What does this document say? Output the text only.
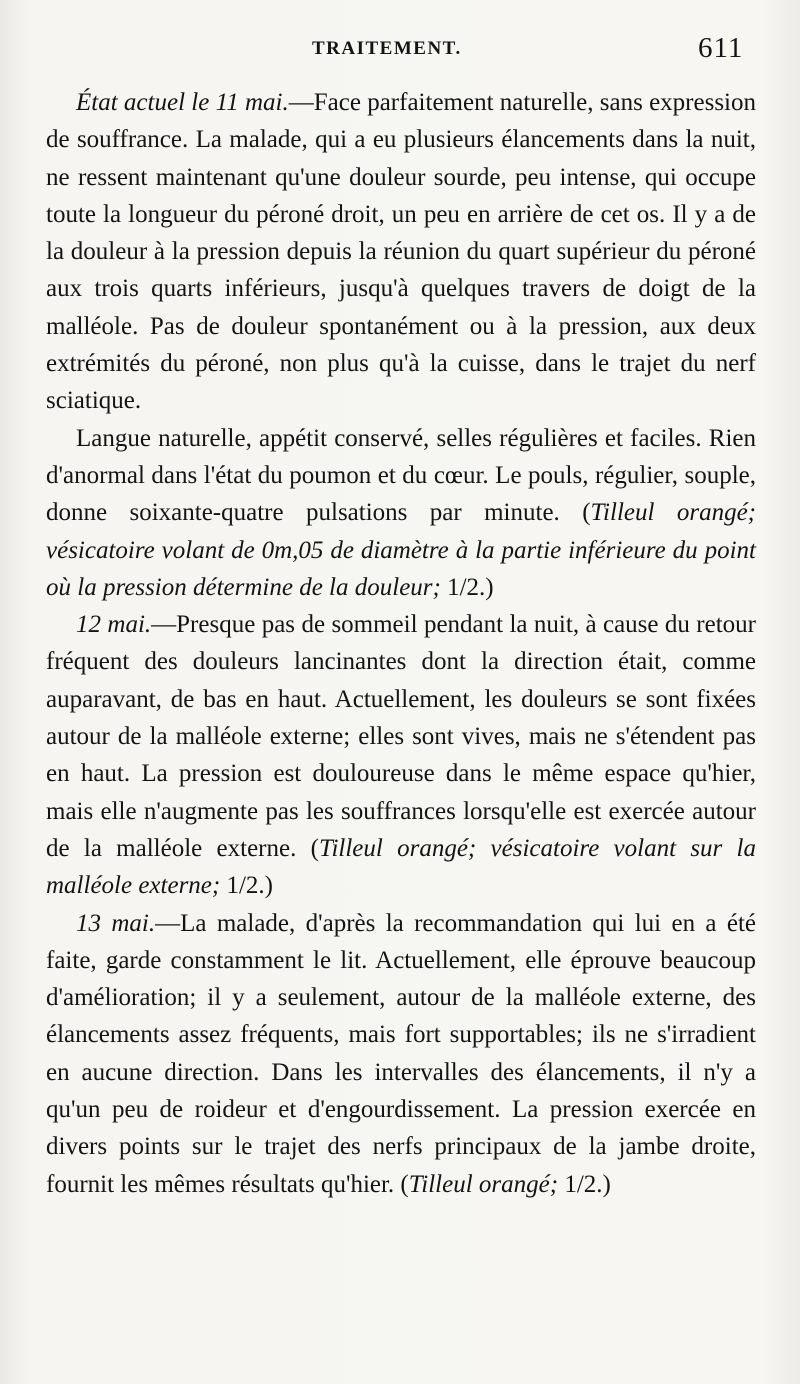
TRAITEMENT.	611

État actuel le 11 mai.—Face parfaitement naturelle, sans expression de souffrance. La malade, qui a eu plusieurs élancements dans la nuit, ne ressent maintenant qu'une douleur sourde, peu intense, qui occupe toute la longueur du péroné droit, un peu en arrière de cet os. Il y a de la douleur à la pression depuis la réunion du quart supérieur du péroné aux trois quarts inférieurs, jusqu'à quelques travers de doigt de la malléole. Pas de douleur spontanément ou à la pression, aux deux extrémités du péroné, non plus qu'à la cuisse, dans le trajet du nerf sciatique.

Langue naturelle, appétit conservé, selles régulières et faciles. Rien d'anormal dans l'état du poumon et du cœur. Le pouls, régulier, souple, donne soixante-quatre pulsations par minute. (Tilleul orangé; vésicatoire volant de 0m,05 de diamètre à la partie inférieure du point où la pression détermine de la douleur; 1/2.)

12 mai.—Presque pas de sommeil pendant la nuit, à cause du retour fréquent des douleurs lancinantes dont la direction était, comme auparavant, de bas en haut. Actuellement, les douleurs se sont fixées autour de la malléole externe; elles sont vives, mais ne s'étendent pas en haut. La pression est douloureuse dans le même espace qu'hier, mais elle n'augmente pas les souffrances lorsqu'elle est exercée autour de la malléole externe. (Tilleul orangé; vésicatoire volant sur la malléole externe; 1/2.)

13 mai.—La malade, d'après la recommandation qui lui en a été faite, garde constamment le lit. Actuellement, elle éprouve beaucoup d'amélioration; il y a seulement, autour de la malléole externe, des élancements assez fréquents, mais fort supportables; ils ne s'irradient en aucune direction. Dans les intervalles des élancements, il n'y a qu'un peu de roideur et d'engourdissement. La pression exercée en divers points sur le trajet des nerfs principaux de la jambe droite, fournit les mêmes résultats qu'hier. (Tilleul orangé; 1/2.)
